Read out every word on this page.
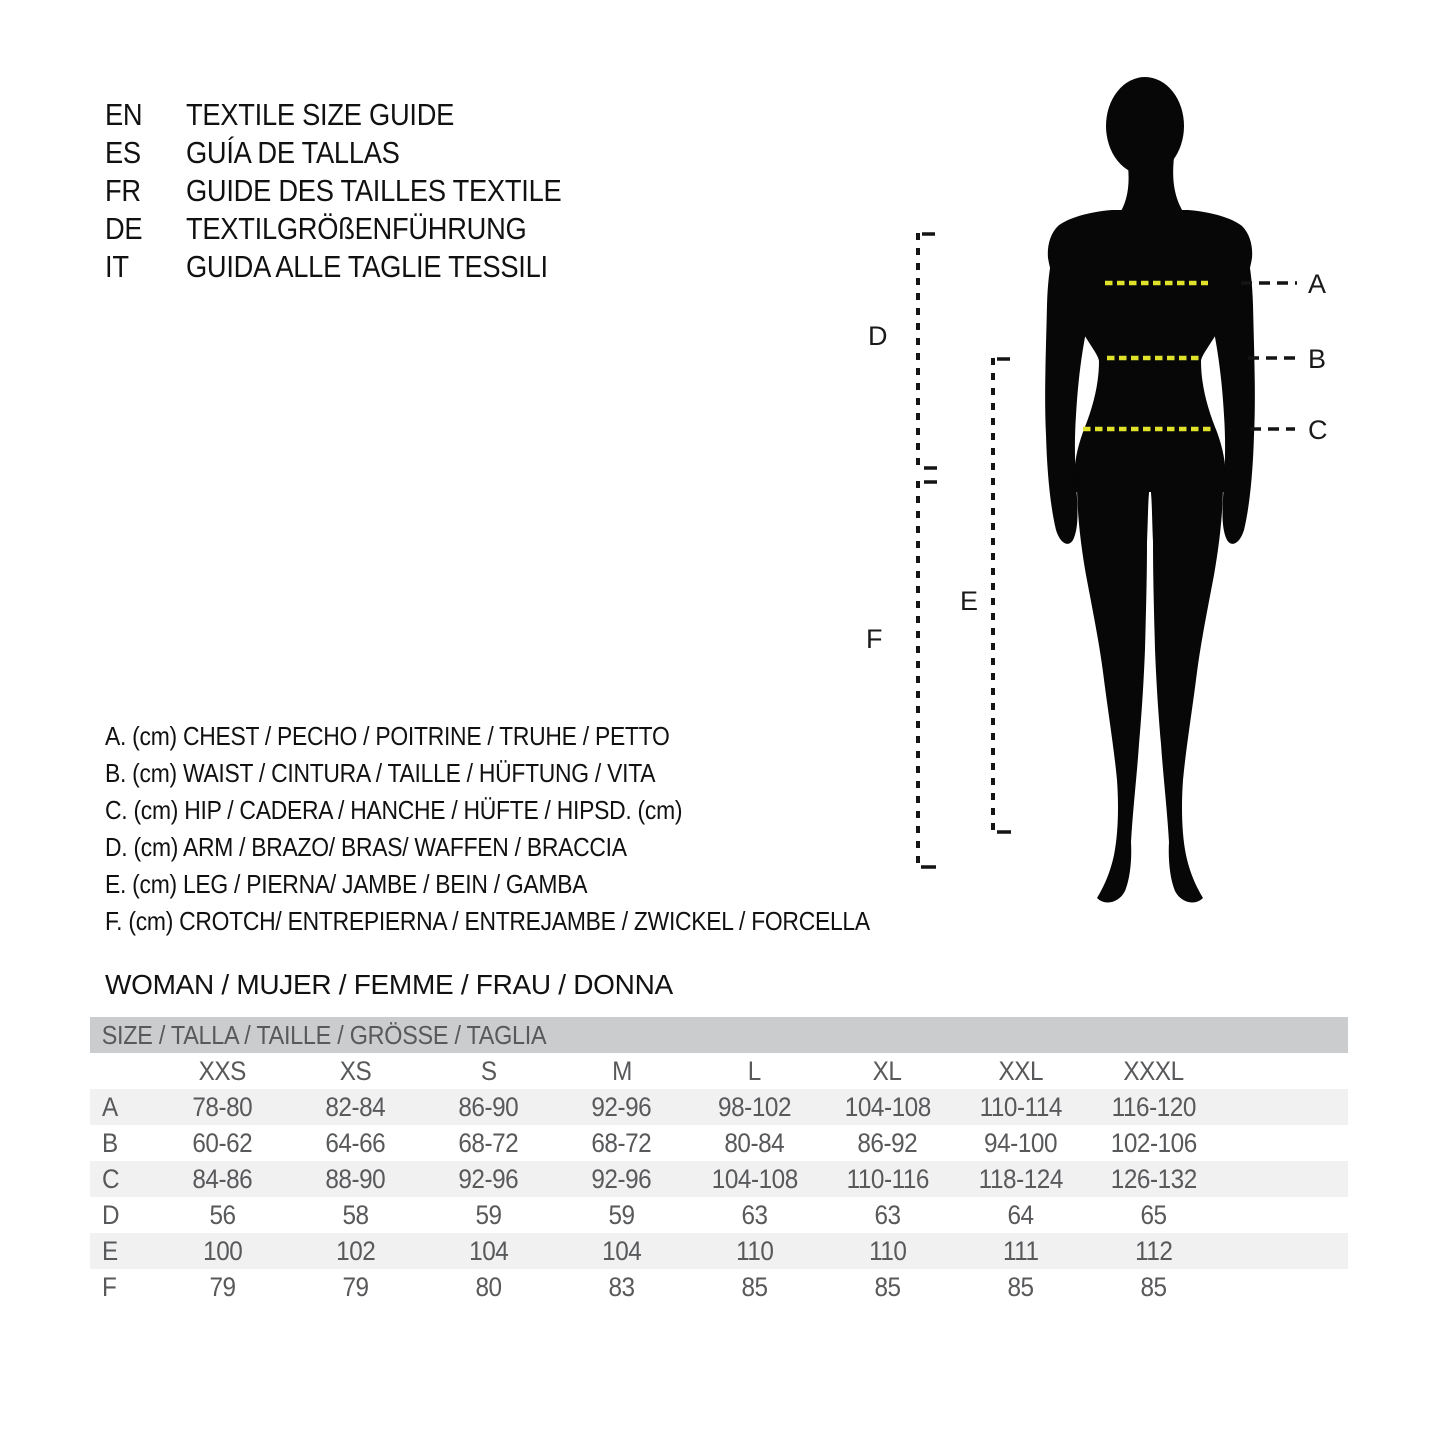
EN	TEXTILE SIZE GUIDE
ES	GUÍA DE TALLAS
FR	GUIDE DES TAILLES TEXTILE
DE	TEXTILGRÖßENFÜHRUNG
IT	GUIDA ALLE TAGLIE TESSILI	A
B
C
D
E
F
A. (cm) CHEST / PECHO / POITRINE / TRUHE / PETTO
B. (cm) WAIST / CINTURA / TAILLE / HÜFTUNG / VITA
C. (cm) HIP / CADERA / HANCHE / HÜFTE / HIPSD. (cm)
D. (cm) ARM / BRAZO/ BRAS/ WAFFEN / BRACCIA
E. (cm) LEG / PIERNA/ JAMBE / BEIN / GAMBA
F. (cm) CROTCH/ ENTREPIERNA / ENTREJAMBE / ZWICKEL / FORCELLA
WOMAN / MUJER / FEMME / FRAU / DONNA
SIZE / TALLA / TAILLE / GRÖSSE / TAGLIA
XXS	XS	S	M	L	XL	XXL	XXXL
A	78-80	82-84	86-90	92-96 98-102 104-108 110-114 116-120
B	60-62	64-66	68-72	68-72	80-84	86-92 94-100 102-106
C	84-86	88-90	92-96	92-96 104-108 110-116 118-124 126-132
D	56	58	59	59	63	63	64	65
E	100	102	104	104	110	110	111	112
F	79	79	80	83	85	85	85	85
